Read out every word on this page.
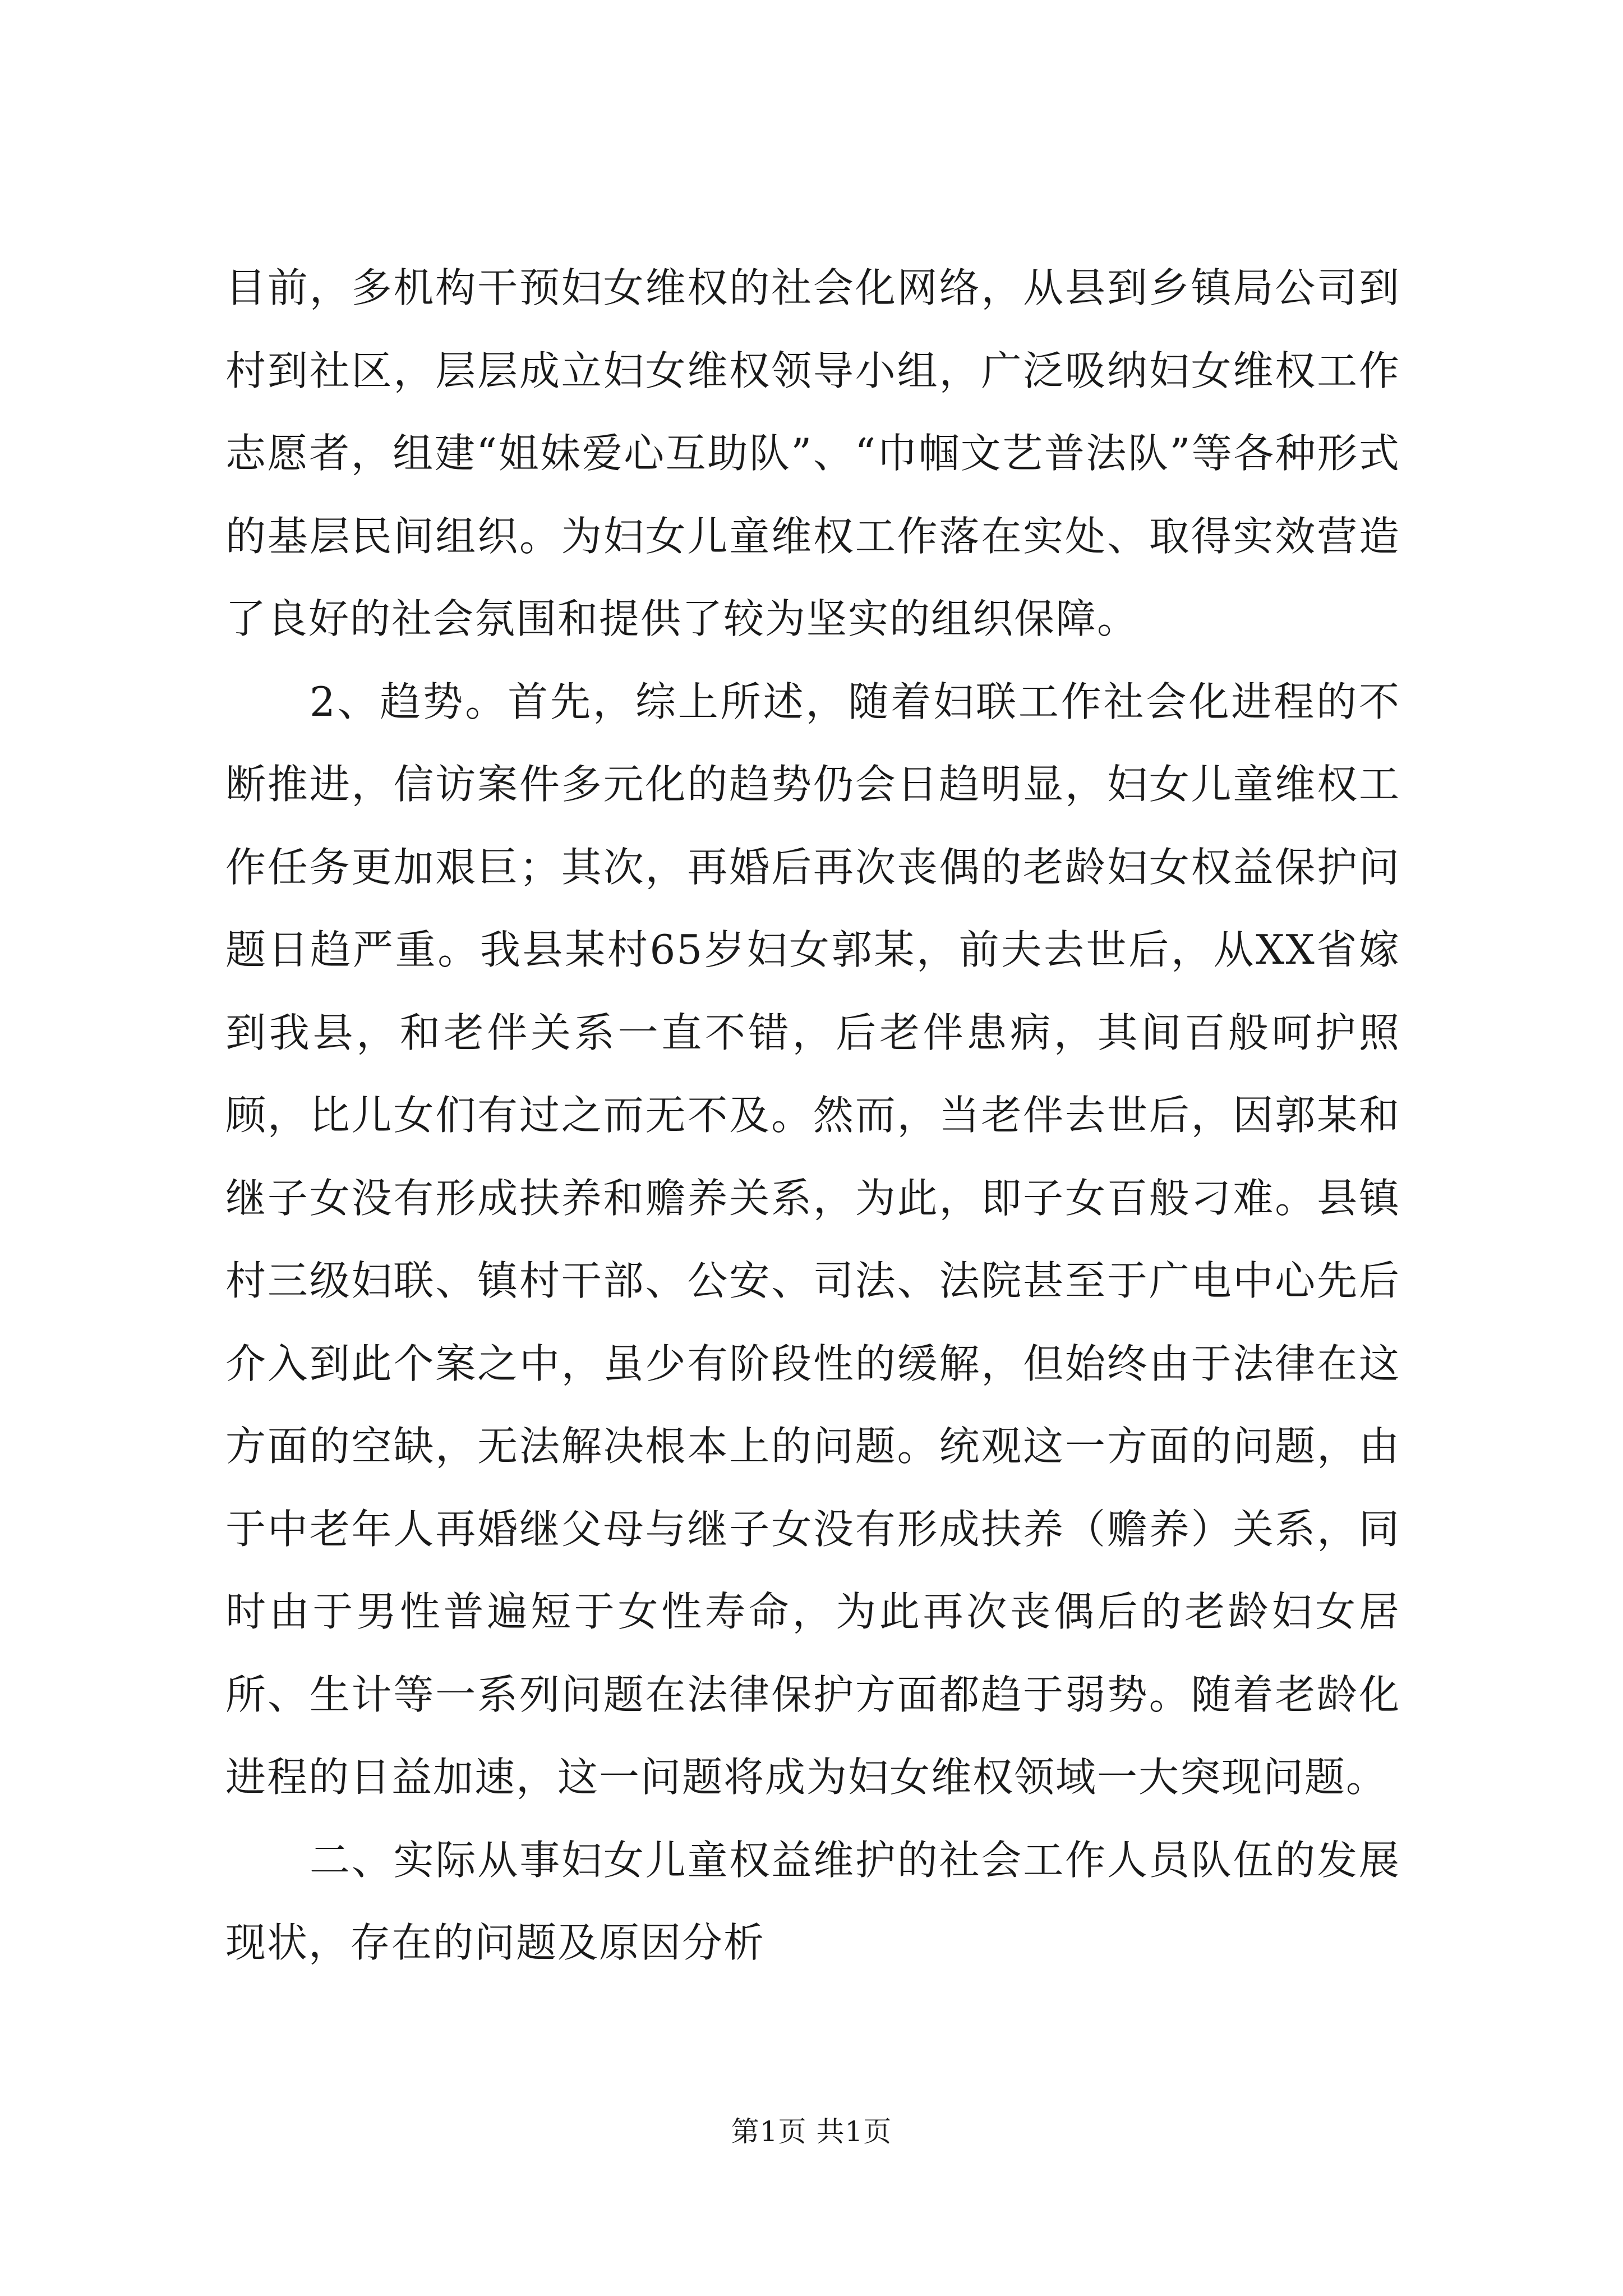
目前，多机构干预妇女维权的社会化网络，从县到乡镇局公司到村到社区，层层成立妇女维权领导小组，广泛吸纳妇女维权工作志愿者，组建“姐妹爱心互助队”、“巾帼文艺普法队”等各种形式的基层民间组织。为妇女儿童维权工作落在实处、取得实效营造了良好的社会氛围和提供了较为坚实的组织保障。

2、趋势。首先，综上所述，随着妇联工作社会化进程的不断推进，信访案件多元化的趋势仍会日趋明显，妇女儿童维权工作任务更加艰巨；其次，再婚后再次丧偶的老龄妇女权益保护问题日趋严重。我县某村65岁妇女郭某，前夫去世后，从XX省嫁到我县，和老伴关系一直不错，后老伴患病，其间百般呵护照顾，比儿女们有过之而无不及。然而，当老伴去世后，因郭某和继子女没有形成扶养和赡养关系，为此，即子女百般刁难。县镇村三级妇联、镇村干部、公安、司法、法院甚至于广电中心先后介入到此个案之中，虽少有阶段性的缓解，但始终由于法律在这方面的空缺，无法解决根本上的问题。统观这一方面的问题，由于中老年人再婚继父母与继子女没有形成扶养（赡养）关系，同时由于男性普遍短于女性寿命，为此再次丧偶后的老龄妇女居所、生计等一系列问题在法律保护方面都趋于弱势。随着老龄化进程的日益加速，这一问题将成为妇女维权领域一大突现问题。

二、实际从事妇女儿童权益维护的社会工作人员队伍的发展现状，存在的问题及原因分析

第1页 共1页
